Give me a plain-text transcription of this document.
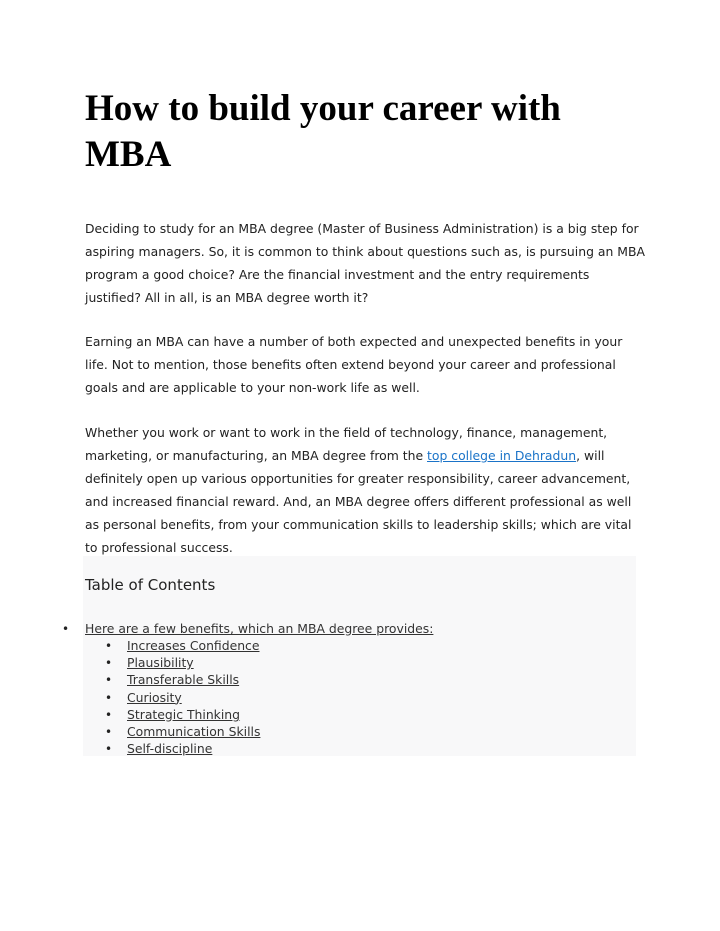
How to build your career with MBA

Deciding to study for an MBA degree (Master of Business Administration) is a big step for aspiring managers. So, it is common to think about questions such as, is pursuing an MBA program a good choice? Are the financial investment and the entry requirements justified? All in all, is an MBA degree worth it?

Earning an MBA can have a number of both expected and unexpected benefits in your life. Not to mention, those benefits often extend beyond your career and professional goals and are applicable to your non-work life as well.

Whether you work or want to work in the field of technology, finance, management, marketing, or manufacturing, an MBA degree from the top college in Dehradun, will definitely open up various opportunities for greater responsibility, career advancement, and increased financial reward. And, an MBA degree offers different professional as well as personal benefits, from your communication skills to leadership skills; which are vital to professional success.

Table of Contents
• Here are a few benefits, which an MBA degree provides:
• Increases Confidence
• Plausibility
• Transferable Skills
• Curiosity
• Strategic Thinking
• Communication Skills
• Self-discipline
